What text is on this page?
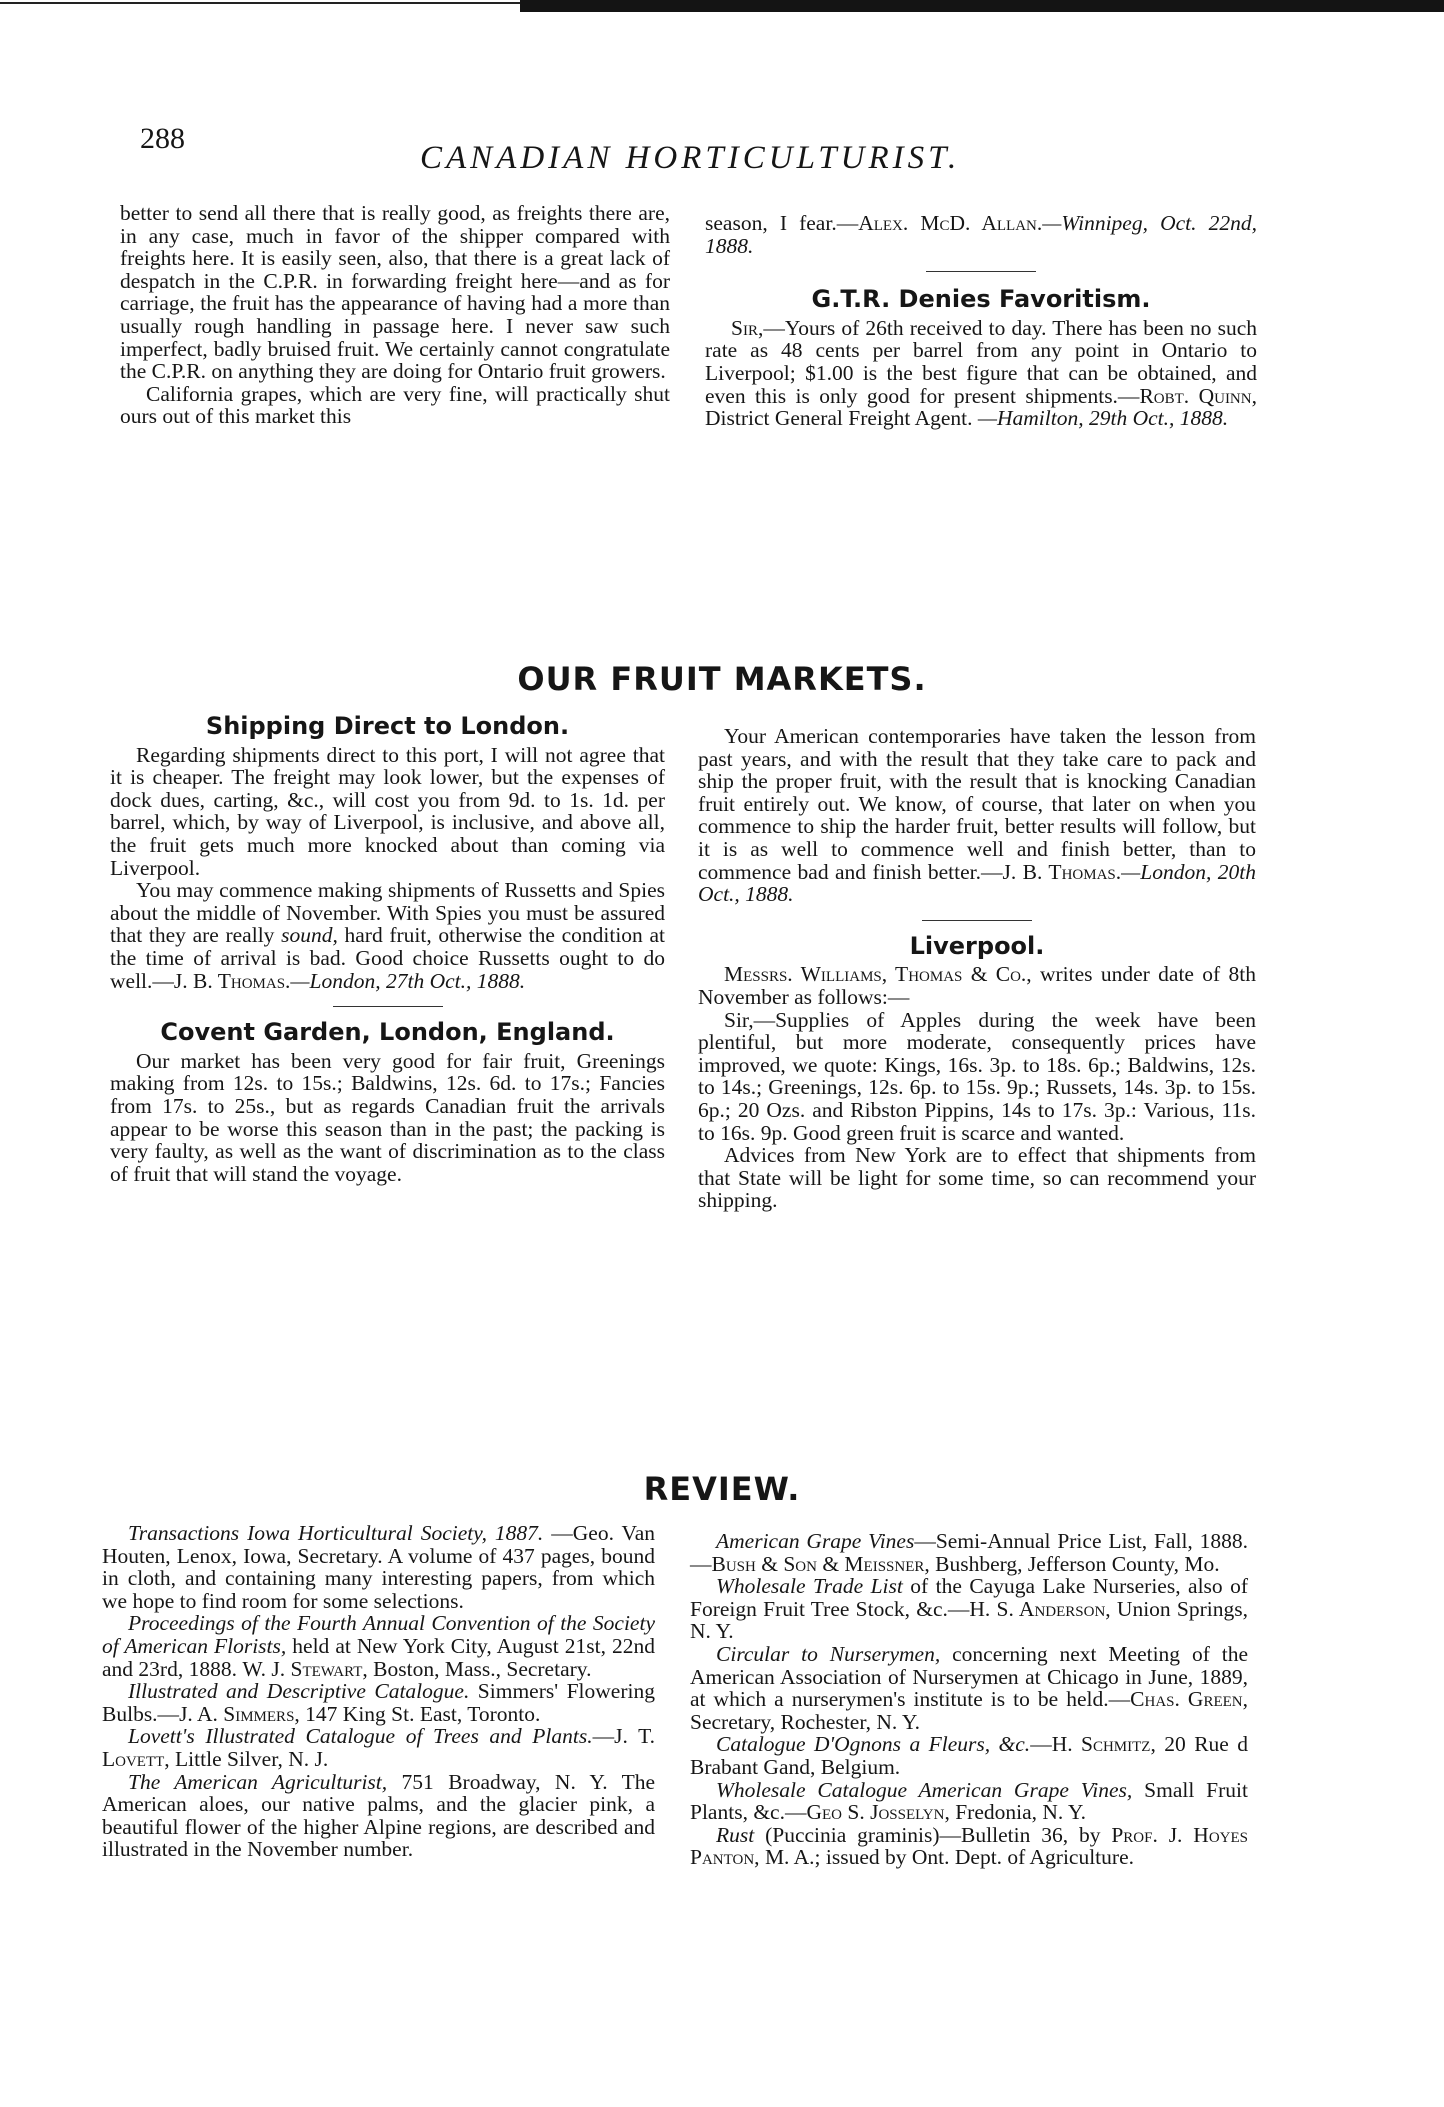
288
CANADIAN HORTICULTURIST.

better to send all there that is really good, as freights there are, in any case, much in favor of the shipper compared with freights here. It is easily seen, also, that there is a great lack of despatch in the C.P.R. in forwarding freight here—and as for carriage, the fruit has the appearance of having had a more than usually rough handling in passage here. I never saw such imperfect, badly bruised fruit. We certainly cannot congratulate the C.P.R. on anything they are doing for Ontario fruit growers.

California grapes, which are very fine, will practically shut ours out of this market this

season, I fear.—Alex. McD. Allan.—Winnipeg, Oct. 22nd, 1888.

G.T.R. Denies Favoritism.

Sir,—Yours of 26th received to day. There has been no such rate as 48 cents per barrel from any point in Ontario to Liverpool; $1.00 is the best figure that can be obtained, and even this is only good for present shipments.—Robt. Quinn, District General Freight Agent. —Hamilton, 29th Oct., 1888.

OUR FRUIT MARKETS.
Shipping Direct to London.

Regarding shipments direct to this port, I will not agree that it is cheaper. The freight may look lower, but the expenses of dock dues, carting, &c., will cost you from 9d. to 1s. 1d. per barrel, which, by way of Liverpool, is inclusive, and above all, the fruit gets much more knocked about than coming via Liverpool.

You may commence making shipments of Russetts and Spies about the middle of November. With Spies you must be assured that they are really sound, hard fruit, otherwise the condition at the time of arrival is bad. Good choice Russetts ought to do well.—J. B. Thomas.—London, 27th Oct., 1888.

Covent Garden, London, England.

Our market has been very good for fair fruit, Greenings making from 12s. to 15s.; Baldwins, 12s. 6d. to 17s.; Fancies from 17s. to 25s., but as regards Canadian fruit the arrivals appear to be worse this season than in the past; the packing is very faulty, as well as the want of discrimination as to the class of fruit that will stand the voyage.

Your American contemporaries have taken the lesson from past years, and with the result that they take care to pack and ship the proper fruit, with the result that is knocking Canadian fruit entirely out. We know, of course, that later on when you commence to ship the harder fruit, better results will follow, but it is as well to commence well and finish better, than to commence bad and finish better.—J. B. Thomas.—London, 20th Oct., 1888.

Liverpool.

Messrs. Williams, Thomas & Co., writes under date of 8th November as follows:—

Sir,—Supplies of Apples during the week have been plentiful, but more moderate, consequently prices have improved, we quote: Kings, 16s. 3p. to 18s. 6p.; Baldwins, 12s. to 14s.; Greenings, 12s. 6p. to 15s. 9p.; Russets, 14s. 3p. to 15s. 6p.; 20 Ozs. and Ribston Pippins, 14s to 17s. 3p.: Various, 11s. to 16s. 9p. Good green fruit is scarce and wanted.

Advices from New York are to effect that shipments from that State will be light for some time, so can recommend your shipping.

REVIEW.

Transactions Iowa Horticultural Society, 1887. —Geo. Van Houten, Lenox, Iowa, Secretary. A volume of 437 pages, bound in cloth, and containing many interesting papers, from which we hope to find room for some selections.

Proceedings of the Fourth Annual Convention of the Society of American Florists, held at New York City, August 21st, 22nd and 23rd, 1888. W. J. Stewart, Boston, Mass., Secretary.

Illustrated and Descriptive Catalogue. Simmers' Flowering Bulbs.—J. A. Simmers, 147 King St. East, Toronto.

Lovett's Illustrated Catalogue of Trees and Plants.—J. T. Lovett, Little Silver, N. J.

The American Agriculturist, 751 Broadway, N. Y. The American aloes, our native palms, and the glacier pink, a beautiful flower of the higher Alpine regions, are described and illustrated in the November number.

American Grape Vines—Semi-Annual Price List, Fall, 1888.—Bush & Son & Meissner, Bushberg, Jefferson County, Mo.

Wholesale Trade List of the Cayuga Lake Nurseries, also of Foreign Fruit Tree Stock, &c.—H. S. Anderson, Union Springs, N. Y.

Circular to Nurserymen, concerning next Meeting of the American Association of Nurserymen at Chicago in June, 1889, at which a nurserymen's institute is to be held.—Chas. Green, Secretary, Rochester, N. Y.

Catalogue D'Ognons a Fleurs, &c.—H. Schmitz, 20 Rue d Brabant Gand, Belgium.

Wholesale Catalogue American Grape Vines, Small Fruit Plants, &c.—Geo S. Josselyn, Fredonia, N. Y.

Rust (Puccinia graminis)—Bulletin 36, by Prof. J. Hoyes Panton, M. A.; issued by Ont. Dept. of Agriculture.
